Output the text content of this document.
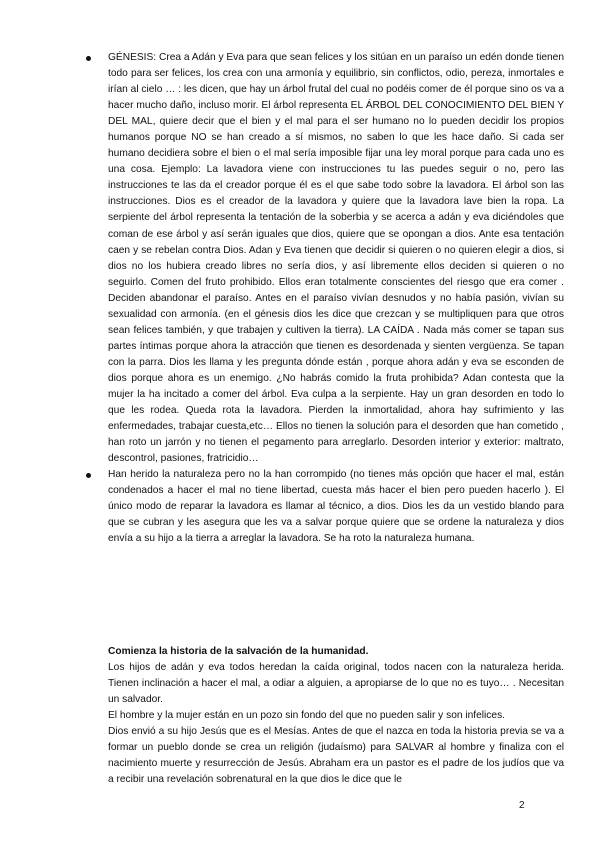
GÉNESIS: Crea a Adán y Eva para que sean felices y los sitúan en un paraíso un edén donde tienen todo para ser felices, los crea con una armonía y equilibrio, sin conflictos, odio, pereza, inmortales e irían al cielo … : les dicen, que hay un árbol frutal del cual no podéis comer de él porque sino os va a hacer mucho daño, incluso morir. El árbol representa EL ÁRBOL DEL CONOCIMIENTO DEL BIEN Y DEL MAL, quiere decir que el bien y el mal para el ser humano no lo pueden decidir los propios humanos porque NO se han creado a sí mismos, no saben lo que les hace daño. Si cada ser humano decidiera sobre el bien o el mal sería imposible fijar una ley moral porque para cada uno es una cosa. Ejemplo: La lavadora viene con instrucciones tu las puedes seguir o no, pero las instrucciones te las da el creador porque él es el que sabe todo sobre la lavadora. El árbol son las instrucciones. Dios es el creador de la lavadora y quiere que la lavadora lave bien la ropa. La serpiente del árbol representa la tentación de la soberbia y se acerca a adán y eva diciéndoles que coman de ese árbol y así serán iguales que dios, quiere que se opongan a dios. Ante esa tentación caen y se rebelan contra Dios. Adan y Eva tienen que decidir si quieren o no quieren elegir a dios, si dios no los hubiera creado libres no sería dios, y así libremente ellos deciden si quieren o no seguirlo. Comen del fruto prohibido. Ellos eran totalmente conscientes del riesgo que era comer . Deciden abandonar el paraíso. Antes en el paraíso vivían desnudos y no había pasión, vivían su sexualidad con armonía. (en el génesis dios les dice que crezcan y se multipliquen para que otros sean felices también, y que trabajen y cultiven la tierra). LA CAÍDA . Nada más comer se tapan sus partes íntimas porque ahora la atracción que tienen es desordenada y sienten vergüenza. Se tapan con la parra. Dios les llama y les pregunta dónde están , porque ahora adán y eva se esconden de dios porque ahora es un enemigo. ¿No habrás comido la fruta prohibida? Adan contesta que la mujer la ha incitado a comer del árbol. Eva culpa a la serpiente. Hay un gran desorden en todo lo que les rodea. Queda rota la lavadora. Pierden la inmortalidad, ahora hay sufrimiento y las enfermedades, trabajar cuesta,etc… Ellos no tienen la solución para el desorden que han cometido , han roto un jarrón y no tienen el pegamento para arreglarlo. Desorden interior y exterior: maltrato, descontrol, pasiones, fratricidio…
Han herido la naturaleza pero no la han corrompido (no tienes más opción que hacer el mal, están condenados a hacer el mal no tiene libertad, cuesta más hacer el bien pero pueden hacerlo ). El único modo de reparar la lavadora es llamar al técnico, a dios. Dios les da un vestido blando para que se cubran y les asegura que les va a salvar porque quiere que se ordene la naturaleza y dios envía a su hijo a la tierra a arreglar la lavadora. Se ha roto la naturaleza humana.

Comienza la historia de la salvación de la humanidad.

Los hijos de adán y eva todos heredan la caída original, todos nacen con la naturaleza herida. Tienen inclinación a hacer el mal, a odiar a alguien, a apropiarse de lo que no es tuyo… . Necesitan un salvador.

El hombre y la mujer están en un pozo sin fondo del que no pueden salir y son infelices.

Dios envió a su hijo Jesús que es el Mesías. Antes de que el nazca en toda la historia previa se va a formar un pueblo donde se crea un religión (judaísmo) para SALVAR al hombre y finaliza con el nacimiento muerte y resurrección de Jesús. Abraham era un pastor es el padre de los judíos que va a recibir una revelación sobrenatural en la que dios le dice que le

2
